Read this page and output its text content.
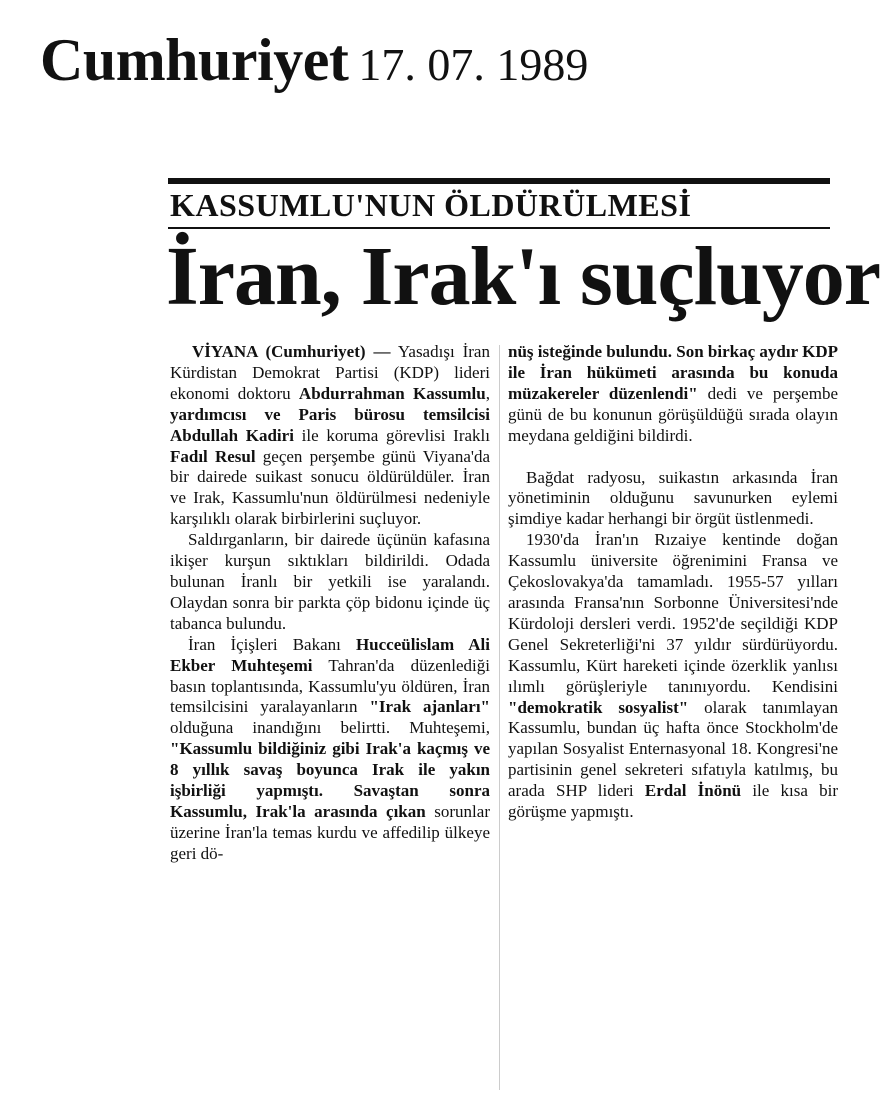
Cumhuriyet 17. 07. 1989
KASSUMLU'NUN ÖLDÜRÜLMESİ
İran, Irak'ı suçluyor

VİYANA (Cumhuriyet) — Yasadışı İran Kürdistan Demokrat Partisi (KDP) lideri ekonomi doktoru Abdurrahman Kassumlu, yardımcısı ve Paris bürosu temsilcisi Abdullah Kadiri ile koruma görevlisi Iraklı Fadıl Resul geçen perşembe günü Viyana'da bir dairede suikast sonucu öldürüldüler. İran ve Irak, Kassumlu'nun öldürülmesi nedeniyle karşılıklı olarak birbirlerini suçluyor.

Saldırganların, bir dairede üçünün kafasına ikişer kurşun sıktıkları bildirildi. Odada bulunan İranlı bir yetkili ise yaralandı. Olaydan sonra bir parkta çöp bidonu içinde üç tabanca bulundu.

İran İçişleri Bakanı Hucceülislam Ali Ekber Muhteşemi Tahran'da düzenlediği basın toplantısında, Kassumlu'yu öldüren, İran temsilcisini yaralayanların "Irak ajanları" olduğuna inandığını belirtti. Muhteşemi, "Kassumlu bildiğiniz gibi Irak'a kaçmış ve 8 yıllık savaş boyunca Irak ile yakın işbirliği yapmıştı. Savaştan sonra Kassumlu, Irak'la arasında çıkan sorunlar üzerine İran'la temas kurdu ve affedilip ülkeye geri dö-

nüş isteğinde bulundu. Son birkaç aydır KDP ile İran hükümeti arasında bu konuda müzakereler düzenlendi" dedi ve perşembe günü de bu konunun görüşüldüğü sırada olayın meydana geldiğini bildirdi.

Bağdat radyosu, suikastın arkasında İran yönetiminin olduğunu savunurken eylemi şimdiye kadar herhangi bir örgüt üstlenmedi.

1930'da İran'ın Rızaiye kentinde doğan Kassumlu üniversite öğrenimini Fransa ve Çekoslovakya'da tamamladı. 1955-57 yılları arasında Fransa'nın Sorbonne Üniversitesi'nde Kürdoloji dersleri verdi. 1952'de seçildiği KDP Genel Sekreterliği'ni 37 yıldır sürdürüyordu. Kassumlu, Kürt hareketi içinde özerklik yanlısı ılımlı görüşleriyle tanınıyordu. Kendisini "demokratik sosyalist" olarak tanımlayan Kassumlu, bundan üç hafta önce Stockholm'de yapılan Sosyalist Enternasyonal 18. Kongresi'ne partisinin genel sekreteri sıfatıyla katılmış, bu arada SHP lideri Erdal İnönü ile kısa bir görüşme yapmıştı.
